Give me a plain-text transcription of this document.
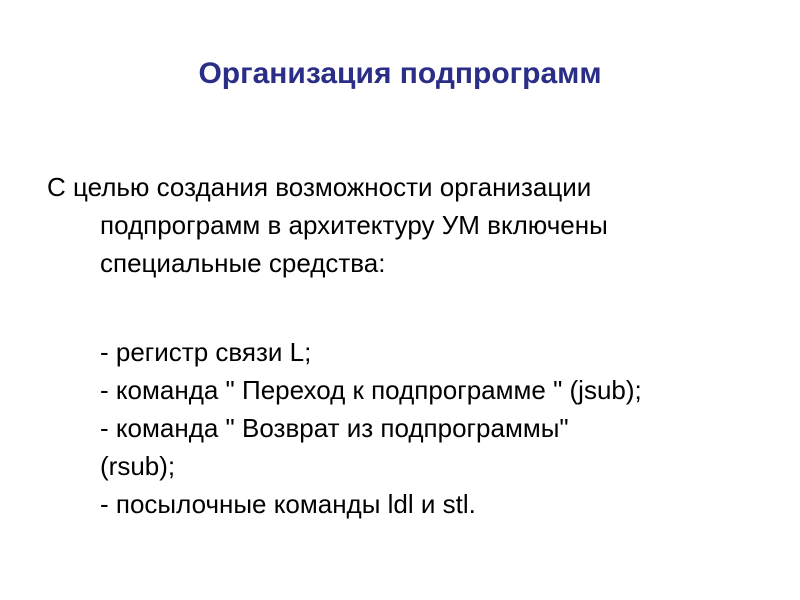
Организация подпрограмм
С целью создания возможности организации
подпрограмм в архитектуру УМ включены
специальные средства:
- регистр связи L;
- команда " Переход к подпрограмме " (jsub);
- команда " Возврат из подпрограммы"
(rsub);
- посылочные команды ldl и stl.
